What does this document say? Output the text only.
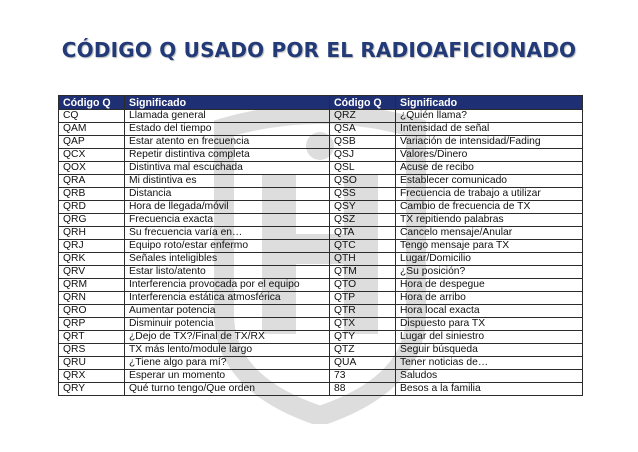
CÓDIGO Q USADO POR EL RADIOAFICIONADO
Código Q	Significado	Código Q	Significado
CQ	Llamada general	QRZ	¿Quién llama?
QAM	Estado del tiempo	QSA	Intensidad de señal
QAP	Estar atento en frecuencia	QSB	Variación de intensidad/Fading
QCX	Repetir distintiva completa	QSJ	Valores/Dinero
QOX	Distintiva mal escuchada	QSL	Acuse de recibo
QRA	Mi distintiva es	QSO	Establecer comunicado
QRB	Distancia	QSS	Frecuencia de trabajo a utilizar
QRD	Hora de llegada/móvil	QSY	Cambio de frecuencia de TX
QRG	Frecuencia exacta	QSZ	TX repitiendo palabras
QRH	Su frecuencia varía en…	QTA	Cancelo mensaje/Anular
QRJ	Equipo roto/estar enfermo	QTC	Tengo mensaje para TX
QRK	Señales inteligibles	QTH	Lugar/Domicilio
QRV	Estar listo/atento	QTM	¿Su posición?
QRM	Interferencia provocada por el equipo	QTO	Hora de despegue
QRN	Interferencia estática atmosférica	QTP	Hora de arribo
QRO	Aumentar potencia	QTR	Hora local exacta
QRP	Disminuir potencia	QTX	Dispuesto para TX
QRT	¿Dejo de TX?/Final de TX/RX	QTY	Lugar del siniestro
QRS	TX más lento/module largo	QTZ	Seguir búsqueda
QRU	¿Tiene algo para mí?	QUA	Tener noticias de…
QRX	Esperar un momento	73	Saludos
QRY	Qué turno tengo/Que orden	88	Besos a la familia
